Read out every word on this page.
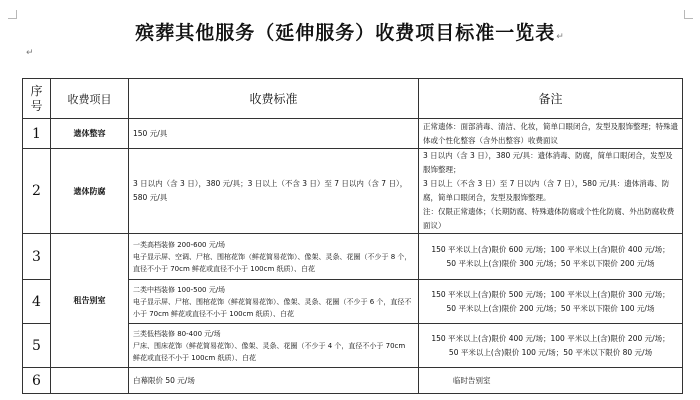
殡葬其他服务（延伸服务）收费项目标准一览表↵
↵
序
号	收费项目	收费标准	备注
1	遗体整容	150 元/具	正常遗体：面部消毒、清洁、化妆，简单口眼闭合，发型及服饰整理；特殊遗体或个性化整容（含外出整容）收费面议
2	遗体防腐	3 日以内（含 3 日），380 元/具；3 日以上（不含 3 日）至 7 日以内（含 7 日），580 元/具	3 日以内（含 3 日），380 元/具：遗体消毒、防腐，简单口眼闭合，发型及服饰整理；
3 日以上（不含 3 日）至 7 日以内（含 7 日），580 元/具：遗体消毒、防腐，简单口眼闭合，发型及服饰整理。
注：仅限正常遗体；（长期防腐、特殊遗体防腐或个性化防腐、外出防腐收费面议）

3	租告别室	一类高档装修 200-600 元/场
电子显示屏、空调、尸棺、围棺花饰（鲜花简易花饰）、像架、灵条、花圈（不少于 8 个，直径不小于 70cm 鲜花或直径不小于 100cm 纸质）、白花	150 平米以上(含)限价 600 元/场；100 平米以上(含)限价 400 元/场；
50 平米以上(含)限价 300 元/场；50 平米以下限价 200 元/场

4		二类中档装修 100-500 元/场
电子显示屏、尸棺、围棺花饰（鲜花简易花饰）、像架、灵条、花圈（不少于 6 个，直径不小于 70cm 鲜花或直径不小于 100cm 纸质）、白花	150 平米以上(含)限价 500 元/场；100 平米以上(含)限价 300 元/场；
50 平米以上(含)限价 200 元/场；50 平米以下限价 100 元/场

5		三类低档装修 80-400 元/场
尸床、围床花饰（鲜花简易花饰）、像架、灵条、花圈（不少于 4 个，直径不小于 70cm 鲜花或直径不小于 100cm 纸质）、白花	150 平米以上(含)限价 400 元/场；100 平米以上(含)限价 200 元/场；
50 平米以上(含)限价 100 元/场；50 平米以下限价 80 元/场

6		白幕限价 50 元/场	临时告别室
